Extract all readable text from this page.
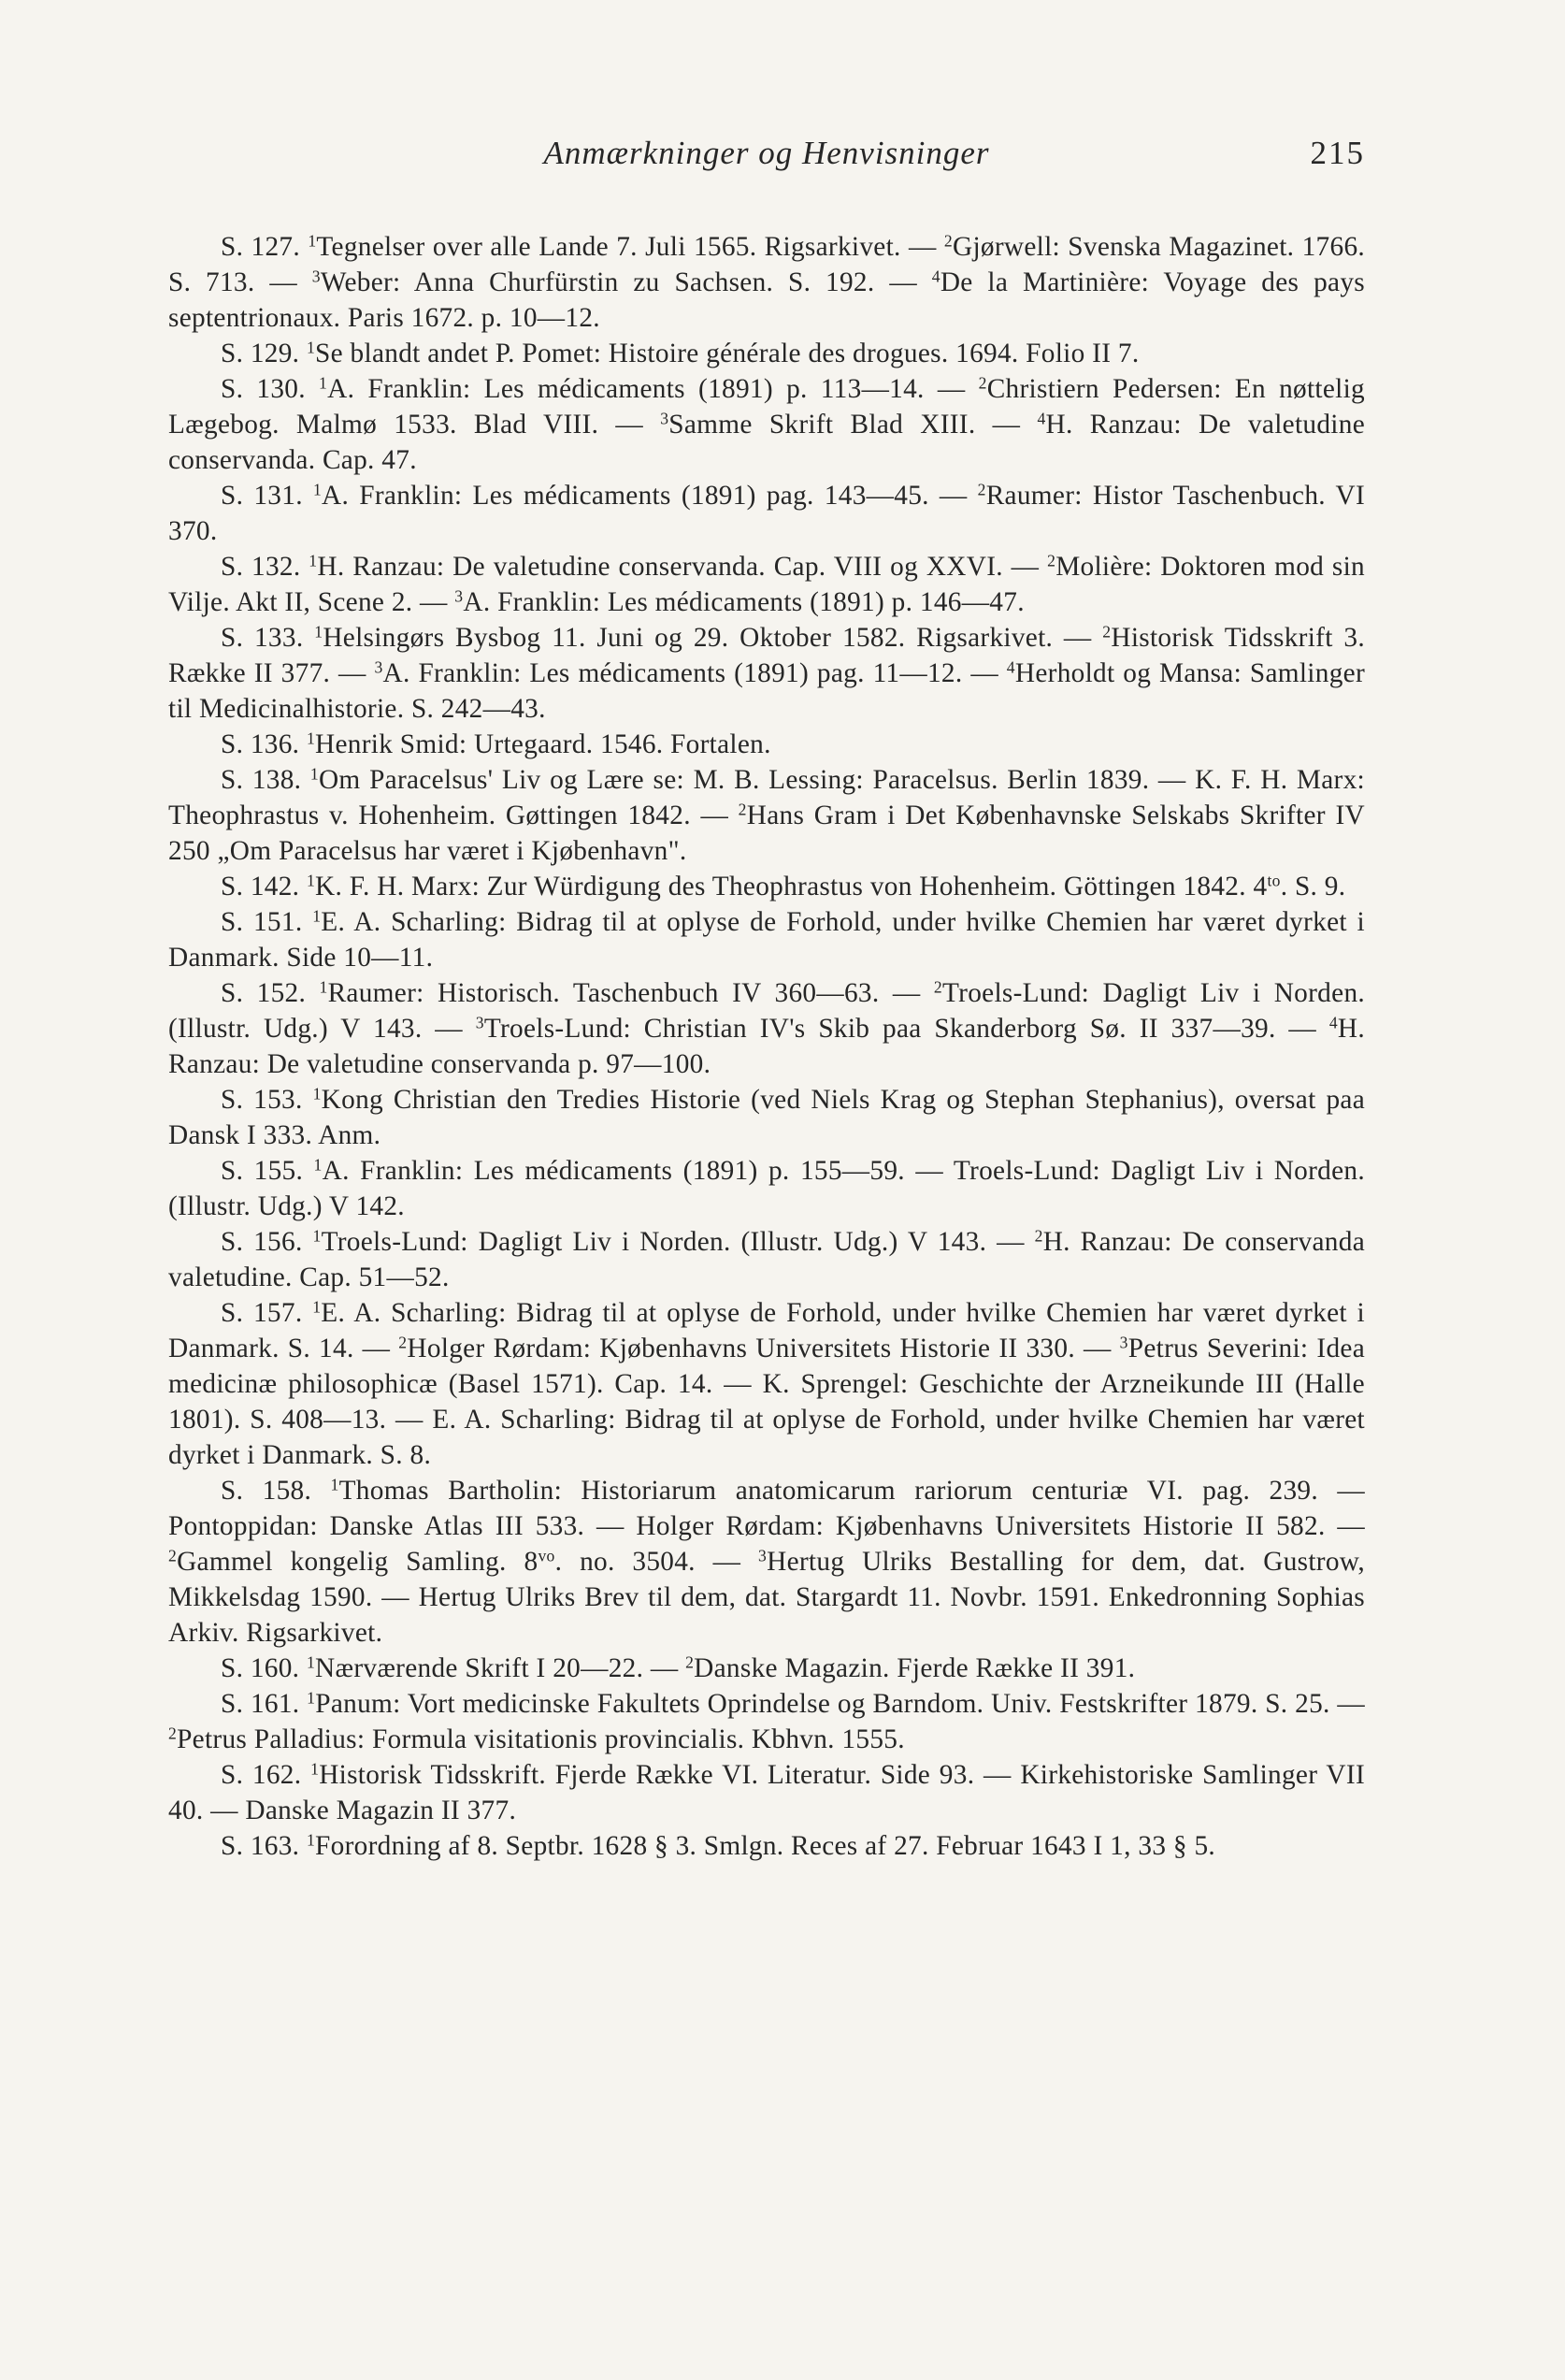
Anmærkninger og Henvisninger	215

S. 127. $^1$Tegnelser over alle Lande 7. Juli 1565. Rigsarkivet. — $^2$Gjørwell: Svenska Magazinet. 1766. S. 713. — $^3$Weber: Anna Churfürstin zu Sachsen. S. 192. — $^4$De la Martinière: Voyage des pays septentrionaux. Paris 1672. p. 10—12.

S. 129. $^1$Se blandt andet P. Pomet: Histoire générale des drogues. 1694. Folio II 7.

S. 130. $^1$A. Franklin: Les médicaments (1891) p. 113—14. — $^2$Christiern Pedersen: En nøttelig Lægebog. Malmø 1533. Blad VIII. — $^3$Samme Skrift Blad XIII. — $^4$H. Ranzau: De valetudine conservanda. Cap. 47.

S. 131. $^1$A. Franklin: Les médicaments (1891) pag. 143—45. — $^2$Raumer: Histor Taschenbuch. VI 370.

S. 132. $^1$H. Ranzau: De valetudine conservanda. Cap. VIII og XXVI. — $^2$Molière: Doktoren mod sin Vilje. Akt II, Scene 2. — $^3$A. Franklin: Les médicaments (1891) p. 146—47.

S. 133. $^1$Helsingørs Bysbog 11. Juni og 29. Oktober 1582. Rigsarkivet. — $^2$Historisk Tidsskrift 3. Række II 377. — $^3$A. Franklin: Les médicaments (1891) pag. 11—12. — $^4$Herholdt og Mansa: Samlinger til Medicinalhistorie. S. 242—43.

S. 136. $^1$Henrik Smid: Urtegaard. 1546. Fortalen.

S. 138. $^1$Om Paracelsus' Liv og Lære se: M. B. Lessing: Paracelsus. Berlin 1839. — K. F. H. Marx: Theophrastus v. Hohenheim. Gøttingen 1842. — $^2$Hans Gram i Det Københavnske Selskabs Skrifter IV 250 „Om Paracelsus har været i Kjøbenhavn".

S. 142. $^1$K. F. H. Marx: Zur Würdigung des Theophrastus von Hohenheim. Göttingen 1842. $4^{to}$. S. 9.

S. 151. $^1$E. A. Scharling: Bidrag til at oplyse de Forhold, under hvilke Chemien har været dyrket i Danmark. Side 10—11.

S. 152. $^1$Raumer: Historisch. Taschenbuch IV 360—63. — $^2$Troels-Lund: Dagligt Liv i Norden. (Illustr. Udg.) V 143. — $^3$Troels-Lund: Christian IV's Skib paa Skanderborg Sø. II 337—39. — $^4$H. Ranzau: De valetudine conservanda p. 97—100.

S. 153. $^1$Kong Christian den Tredies Historie (ved Niels Krag og Stephan Stephanius), oversat paa Dansk I 333. Anm.

S. 155. $^1$A. Franklin: Les médicaments (1891) p. 155—59. — Troels-Lund: Dagligt Liv i Norden. (Illustr. Udg.) V 142.

S. 156. $^1$Troels-Lund: Dagligt Liv i Norden. (Illustr. Udg.) V 143. — $^2$H. Ranzau: De conservanda valetudine. Cap. 51—52.

S. 157. $^1$E. A. Scharling: Bidrag til at oplyse de Forhold, under hvilke Chemien har været dyrket i Danmark. S. 14. — $^2$Holger Rørdam: Kjøbenhavns Universitets Historie II 330. — $^3$Petrus Severini: Idea medicinæ philosophicæ (Basel 1571). Cap. 14. — K. Sprengel: Geschichte der Arzneikunde III (Halle 1801). S. 408—13. — E. A. Scharling: Bidrag til at oplyse de Forhold, under hvilke Chemien har været dyrket i Danmark. S. 8.

S. 158. $^1$Thomas Bartholin: Historiarum anatomicarum rariorum centuriæ VI. pag. 239. — Pontoppidan: Danske Atlas III 533. — Holger Rørdam: Kjøbenhavns Universitets Historie II 582. — $^2$Gammel kongelig Samling. $8^{vo}$. no. 3504. — $^3$Hertug Ulriks Bestalling for dem, dat. Gustrow, Mikkelsdag 1590. — Hertug Ulriks Brev til dem, dat. Stargardt 11. Novbr. 1591. Enkedronning Sophias Arkiv. Rigsarkivet.

S. 160. $^1$Nærværende Skrift I 20—22. — $^2$Danske Magazin. Fjerde Række II 391.

S. 161. $^1$Panum: Vort medicinske Fakultets Oprindelse og Barndom. Univ. Festskrifter 1879. S. 25. — $^2$Petrus Palladius: Formula visitationis provincialis. Kbhvn. 1555.

S. 162. $^1$Historisk Tidsskrift. Fjerde Række VI. Literatur. Side 93. — Kirkehistoriske Samlinger VII 40. — Danske Magazin II 377.

S. 163. $^1$Forordning af 8. Septbr. 1628 § 3. Smlgn. Reces af 27. Februar 1643 I 1, 33 § 5.
